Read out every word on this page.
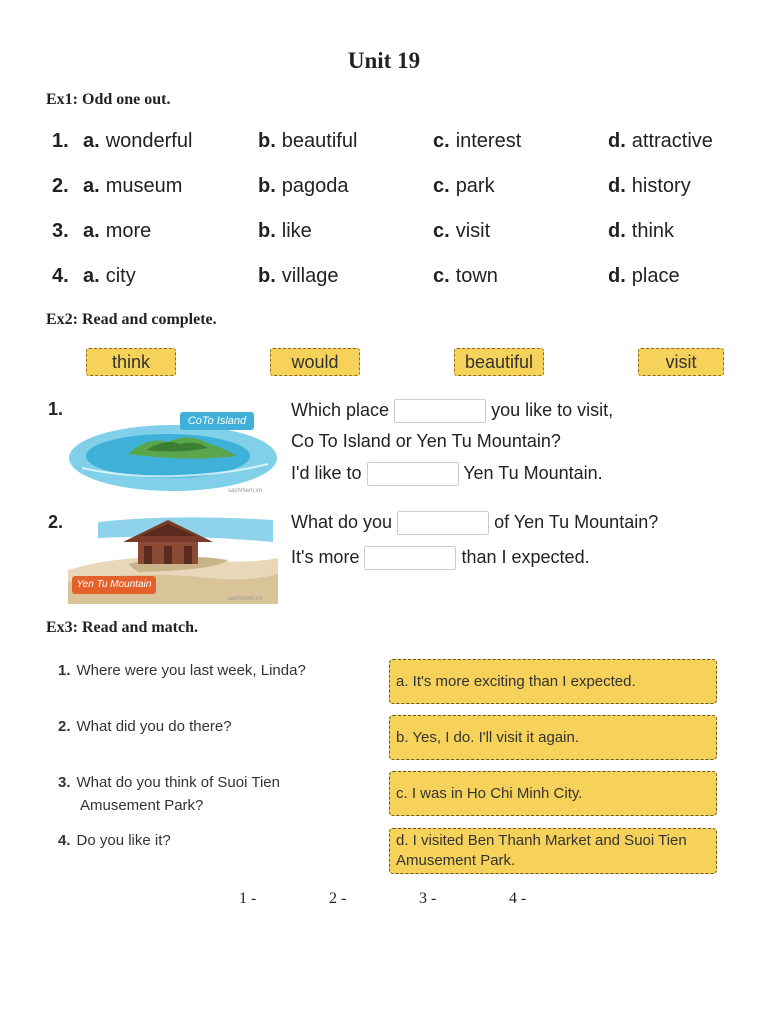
Unit 19
Ex1: Odd one out.
1. a. wonderful	b. beautiful	c. interest	d. attractive
2. a. museum	b. pagoda	c. park	d. history
3. a. more	b. like	c. visit	d. think
4. a. city	b. village	c. town	d. place
Ex2: Read and complete.
think	would	beautiful	visit
1.
CoTo Island
sachmem.vn
Which place	you like to visit,
Co To Island or Yen Tu Mountain?
I'd like to	Yen Tu Mountain.
2.
Yen Tu Mountain
sachmem.vn
What do you	of Yen Tu Mountain?
It's more	than I expected.
Ex3: Read and match.
1. Where were you last week, Linda?
2. What did you do there?
3. What do you think of Suoi Tien Amusement Park?
4. Do you like it?
a. It's more exciting than I expected.
b. Yes, I do. I'll visit it again.
c. I was in Ho Chi Minh City.
d. I visited Ben Thanh Market and Suoi Tien Amusement Park.
1 -	2 -	3 -	4 -
